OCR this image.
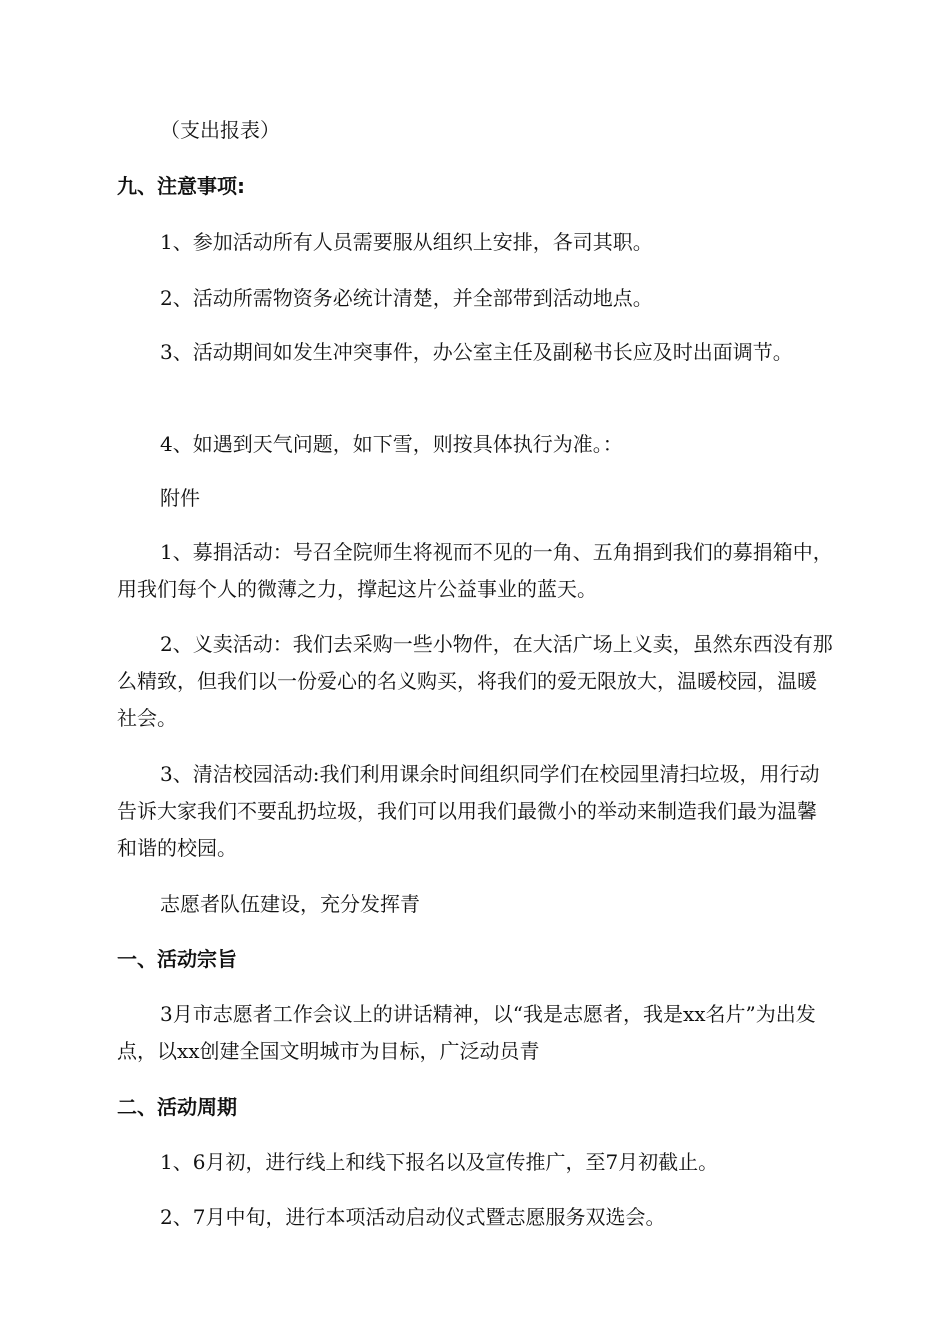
（支出报表）
九、注意事项:
1、参加活动所有人员需要服从组织上安排，各司其职。
2、活动所需物资务必统计清楚，并全部带到活动地点。
3、活动期间如发生冲突事件，办公室主任及副秘书长应及时出面调节。
4、如遇到天气问题，如下雪，则按具体执行为准。：
附件
1、募捐活动：号召全院师生将视而不见的一角、五角捐到我们的募捐箱中，用我们每个人的微薄之力，撑起这片公益事业的蓝天。
2、义卖活动：我们去采购一些小物件，在大活广场上义卖，虽然东西没有那么精致，但我们以一份爱心的名义购买，将我们的爱无限放大，温暖校园，温暖社会。
3、清洁校园活动:我们利用课余时间组织同学们在校园里清扫垃圾，用行动告诉大家我们不要乱扔垃圾，我们可以用我们最微小的举动来制造我们最为温馨和谐的校园。
志愿者队伍建设，充分发挥青
一、活动宗旨
3月市志愿者工作会议上的讲话精神，以“我是志愿者，我是xx名片”为出发点，以xx创建全国文明城市为目标，广泛动员青
二、活动周期
1、6月初，进行线上和线下报名以及宣传推广，至7月初截止。
2、7月中旬，进行本项活动启动仪式暨志愿服务双选会。
